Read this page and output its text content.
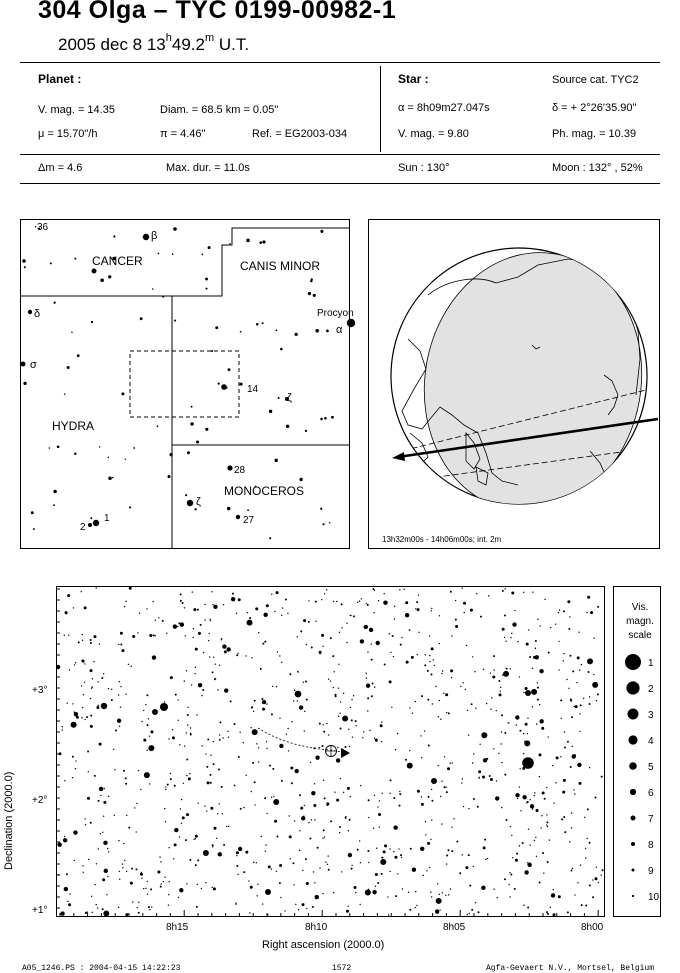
304 Olga – TYC 0199-00982-1
2005 dec 8 13$^h$49.2$^m$ U.T.
Planet :
V. mag. = 14.35	Diam. = 68.5 km = 0.05"
μ = 15.70"/h	π = 4.46"	Ref. = EG2003-034
Star :	Source cat. TYC2
α = 8h09m27.047s	δ = + 2°26'35.90"
V. mag. = 9.80	Ph. mag. = 10.39
Δm = 4.6	Max. dur. = 11.0s	Sun : 130°	Moon : 132° , 52%
CANCER	CANIS MINOR
HYDRA
MONOCEROS
36
β
δ
σ
Procyon
α
14
ζ
28
ζ
27
2
1
13h32m00s - 14h06m00s; int. 2m
8h15	8h10	8h05	8h00
+3°
+2°
+1°
Right ascension (2000.0)
Declination (2000.0)
Vis.
magn.
scale
1
2
3
4
5
6
7
8
9
10
A05_1246.PS : 2004-04-15 14:22:23	1572	Agfa-Gevaert N.V., Mortsel, Belgium
